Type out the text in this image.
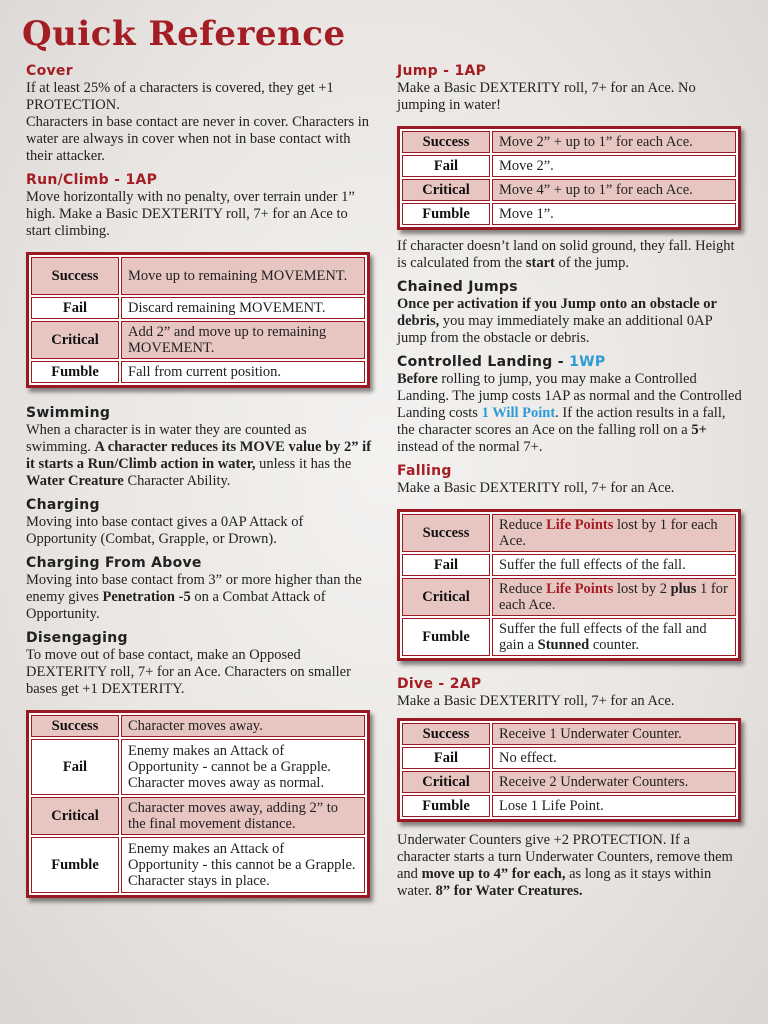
Quick Reference
Cover

If at least 25% of a characters is covered, they get +1 PROTECTION.

Characters in base contact are never in cover. Characters in water are always in cover when not in base contact with their attacker.

Run/Climb - 1AP

Move horizontally with no penalty, over terrain under 1” high. Make a Basic DEXTERITY roll, 7+ for an Ace to start climbing.

Success	Move up to remaining MOVEMENT.
Fail	Discard remaining MOVEMENT.
Critical	Add 2” and move up to remaining MOVEMENT.
Fumble	Fall from current position.
Swimming

When a character is in water they are counted as swimming. A character reduces its MOVE value by 2” if it starts a Run/Climb action in water, unless it has the Water Creature Character Ability.

Charging

Moving into base contact gives a 0AP Attack of Opportunity (Combat, Grapple, or Drown).

Charging From Above

Moving into base contact from 3” or more higher than the enemy gives Penetration -5 on a Combat Attack of Opportunity.

Disengaging

To move out of base contact, make an Opposed DEXTERITY roll, 7+ for an Ace. Characters on smaller bases get +1 DEXTERITY.

Success	Character moves away.
Fail	Enemy makes an Attack of Opportunity - cannot be a Grapple. Character moves away as normal.
Critical	Character moves away, adding 2” to the final movement distance.
Fumble	Enemy makes an Attack of Opportunity - this cannot be a Grapple. Character stays in place.
Jump - 1AP

Make a Basic DEXTERITY roll, 7+ for an Ace. No jumping in water!

Success	Move 2” + up to 1” for each Ace.
Fail	Move 2”.
Critical	Move 4” + up to 1” for each Ace.
Fumble	Move 1”.

If character doesn’t land on solid ground, they fall. Height is calculated from the start of the jump.

Chained Jumps

Once per activation if you Jump onto an obstacle or debris, you may immediately make an additional 0AP jump from the obstacle or debris.

Controlled Landing - 1WP

Before rolling to jump, you may make a Controlled Landing. The jump costs 1AP as normal and the Controlled Landing costs 1 Will Point. If the action results in a fall, the character scores an Ace on the falling roll on a 5+ instead of the normal 7+.

Falling

Make a Basic DEXTERITY roll, 7+ for an Ace.

Success	Reduce Life Points lost by 1 for each Ace.
Fail	Suffer the full effects of the fall.
Critical	Reduce Life Points lost by 2 plus 1 for each Ace.
Fumble	Suffer the full effects of the fall and gain a Stunned counter.
Dive - 2AP

Make a Basic DEXTERITY roll, 7+ for an Ace.

Success	Receive 1 Underwater Counter.
Fail	No effect.
Critical	Receive 2 Underwater Counters.
Fumble	Lose 1 Life Point.

Underwater Counters give +2 PROTECTION. If a character starts a turn Underwater Counters, remove them and move up to 4” for each, as long as it stays within water. 8” for Water Creatures.
